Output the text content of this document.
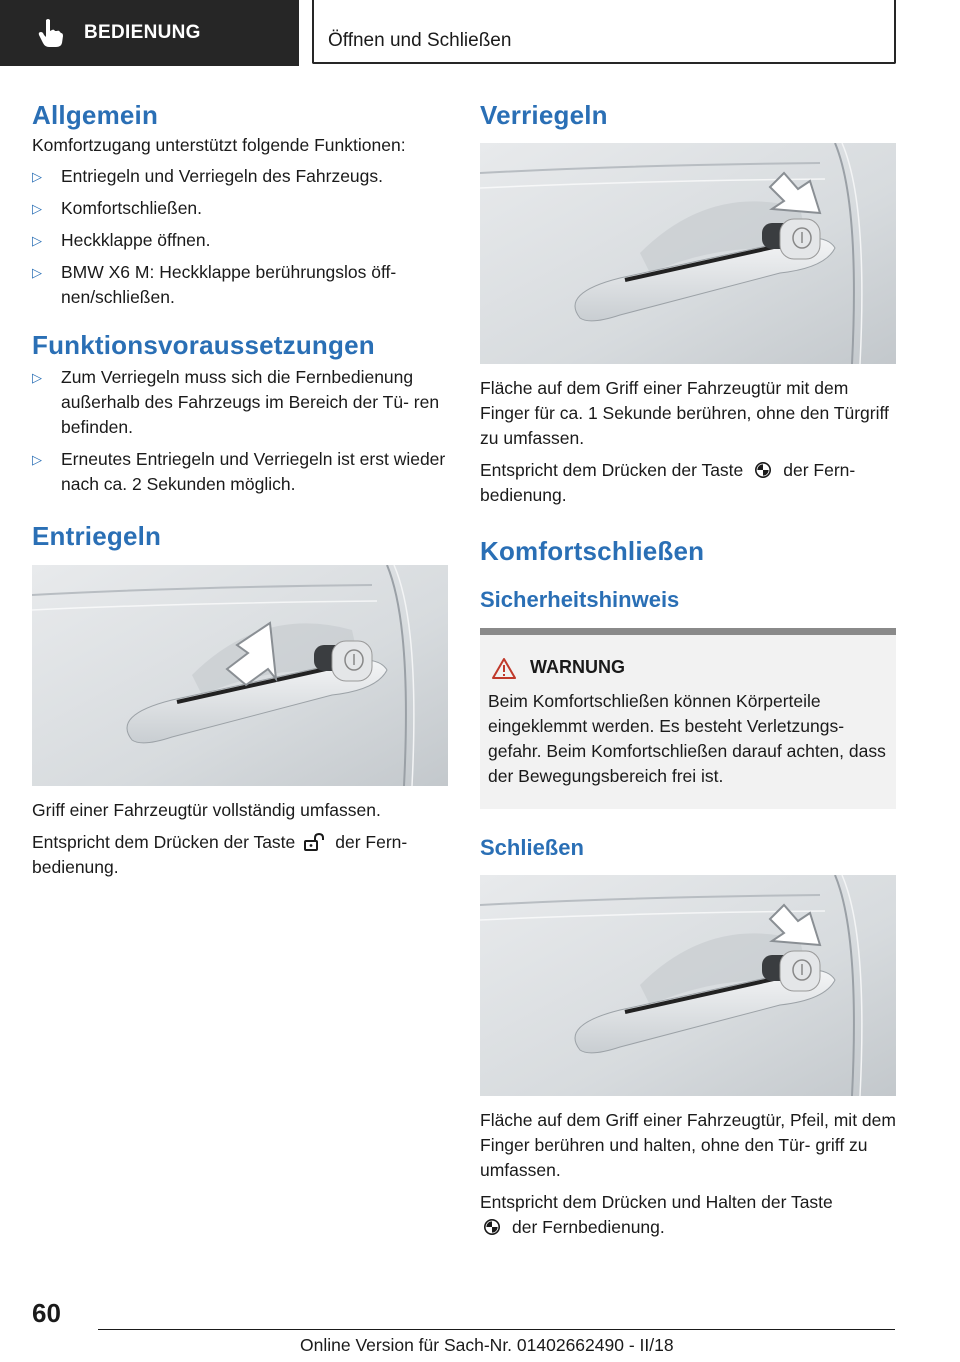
BEDIENUNG	Öffnen und Schließen
Allgemein

Komfortzugang unterstützt folgende Funktionen:

▷ Entriegeln und Verriegeln des Fahrzeugs.
▷ Komfortschließen.
▷ Heckklappe öffnen.
▷ BMW X6 M: Heckklappe berührungslos öff‐ nen/schließen.
Funktionsvoraussetzungen
▷ Zum Verriegeln muss sich die Fernbedienung außerhalb des Fahrzeugs im Bereich der Tü‐ ren befinden.
▷ Erneutes Entriegeln und Verriegeln ist erst wieder nach ca. 2 Sekunden möglich.
Entriegeln

Griff einer Fahrzeugtür vollständig umfassen.

Entspricht dem Drücken der Taste der Fern‐ bedienung.

Verriegeln

Fläche auf dem Griff einer Fahrzeugtür mit dem Finger für ca. 1 Sekunde berühren, ohne den Türgriff zu umfassen.

Entspricht dem Drücken der Taste der Fern‐ bedienung.

Komfortschließen
Sicherheitshinweis
WARNUNG

Beim Komfortschließen können Körperteile eingeklemmt werden. Es besteht Verletzungs‐ gefahr. Beim Komfortschließen darauf achten, dass der Bewegungsbereich frei ist.

Schließen

Fläche auf dem Griff einer Fahrzeugtür, Pfeil, mit dem Finger berühren und halten, ohne den Tür‐ griff zu umfassen.

Entspricht dem Drücken und Halten der Taste
der Fernbedienung.

60
Online Version für Sach-Nr. 01402662490 - II/18
